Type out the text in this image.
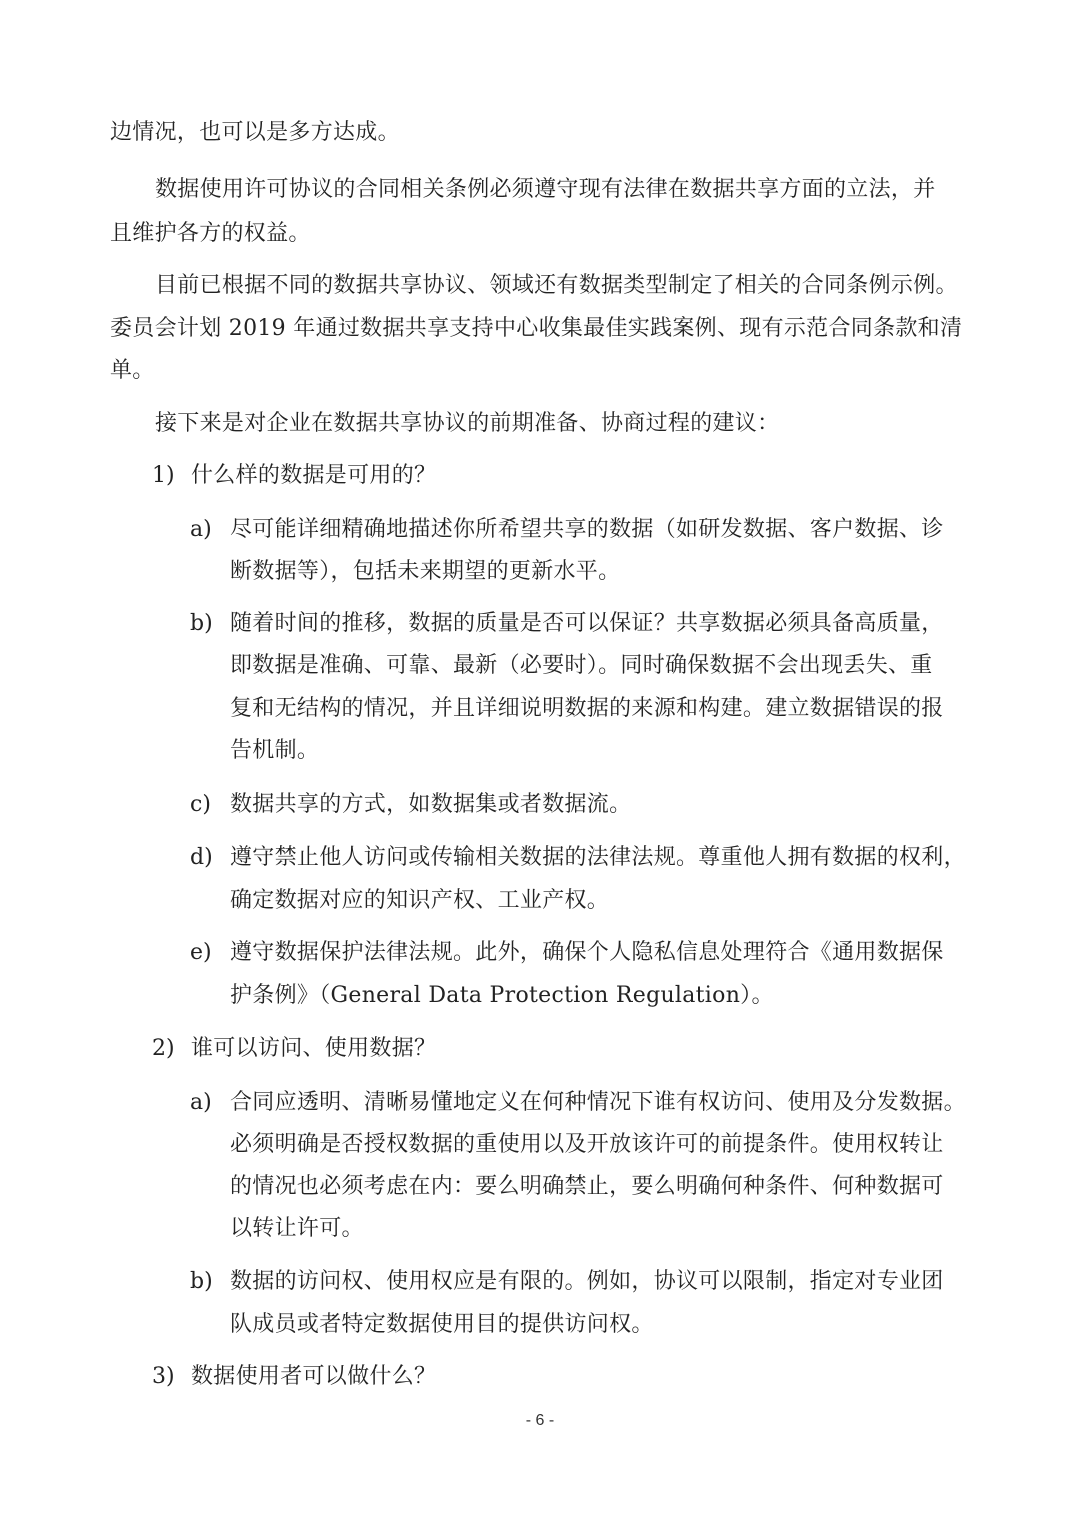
边情况，也可以是多方达成。
数据使用许可协议的合同相关条例必须遵守现有法律在数据共享方面的立法，并
且维护各方的权益。
目前已根据不同的数据共享协议、领域还有数据类型制定了相关的合同条例示例。
委员会计划 2019 年通过数据共享支持中心收集最佳实践案例、现有示范合同条款和清
单。
接下来是对企业在数据共享协议的前期准备、协商过程的建议：
1) 什么样的数据是可用的？
a) 尽可能详细精确地描述你所希望共享的数据（如研发数据、客户数据、诊
断数据等），包括未来期望的更新水平。
b) 随着时间的推移，数据的质量是否可以保证？共享数据必须具备高质量，
即数据是准确、可靠、最新（必要时）。同时确保数据不会出现丢失、重
复和无结构的情况，并且详细说明数据的来源和构建。建立数据错误的报
告机制。
c) 数据共享的方式，如数据集或者数据流。
d) 遵守禁止他人访问或传输相关数据的法律法规。尊重他人拥有数据的权利，
确定数据对应的知识产权、工业产权。
e) 遵守数据保护法律法规。此外，确保个人隐私信息处理符合《通用数据保
护条例》（General Data Protection Regulation）。
2) 谁可以访问、使用数据？
a) 合同应透明、清晰易懂地定义在何种情况下谁有权访问、使用及分发数据。
必须明确是否授权数据的重使用以及开放该许可的前提条件。使用权转让
的情况也必须考虑在内：要么明确禁止，要么明确何种条件、何种数据可
以转让许可。
b) 数据的访问权、使用权应是有限的。例如，协议可以限制，指定对专业团
队成员或者特定数据使用目的提供访问权。
3) 数据使用者可以做什么？
- 6 -
